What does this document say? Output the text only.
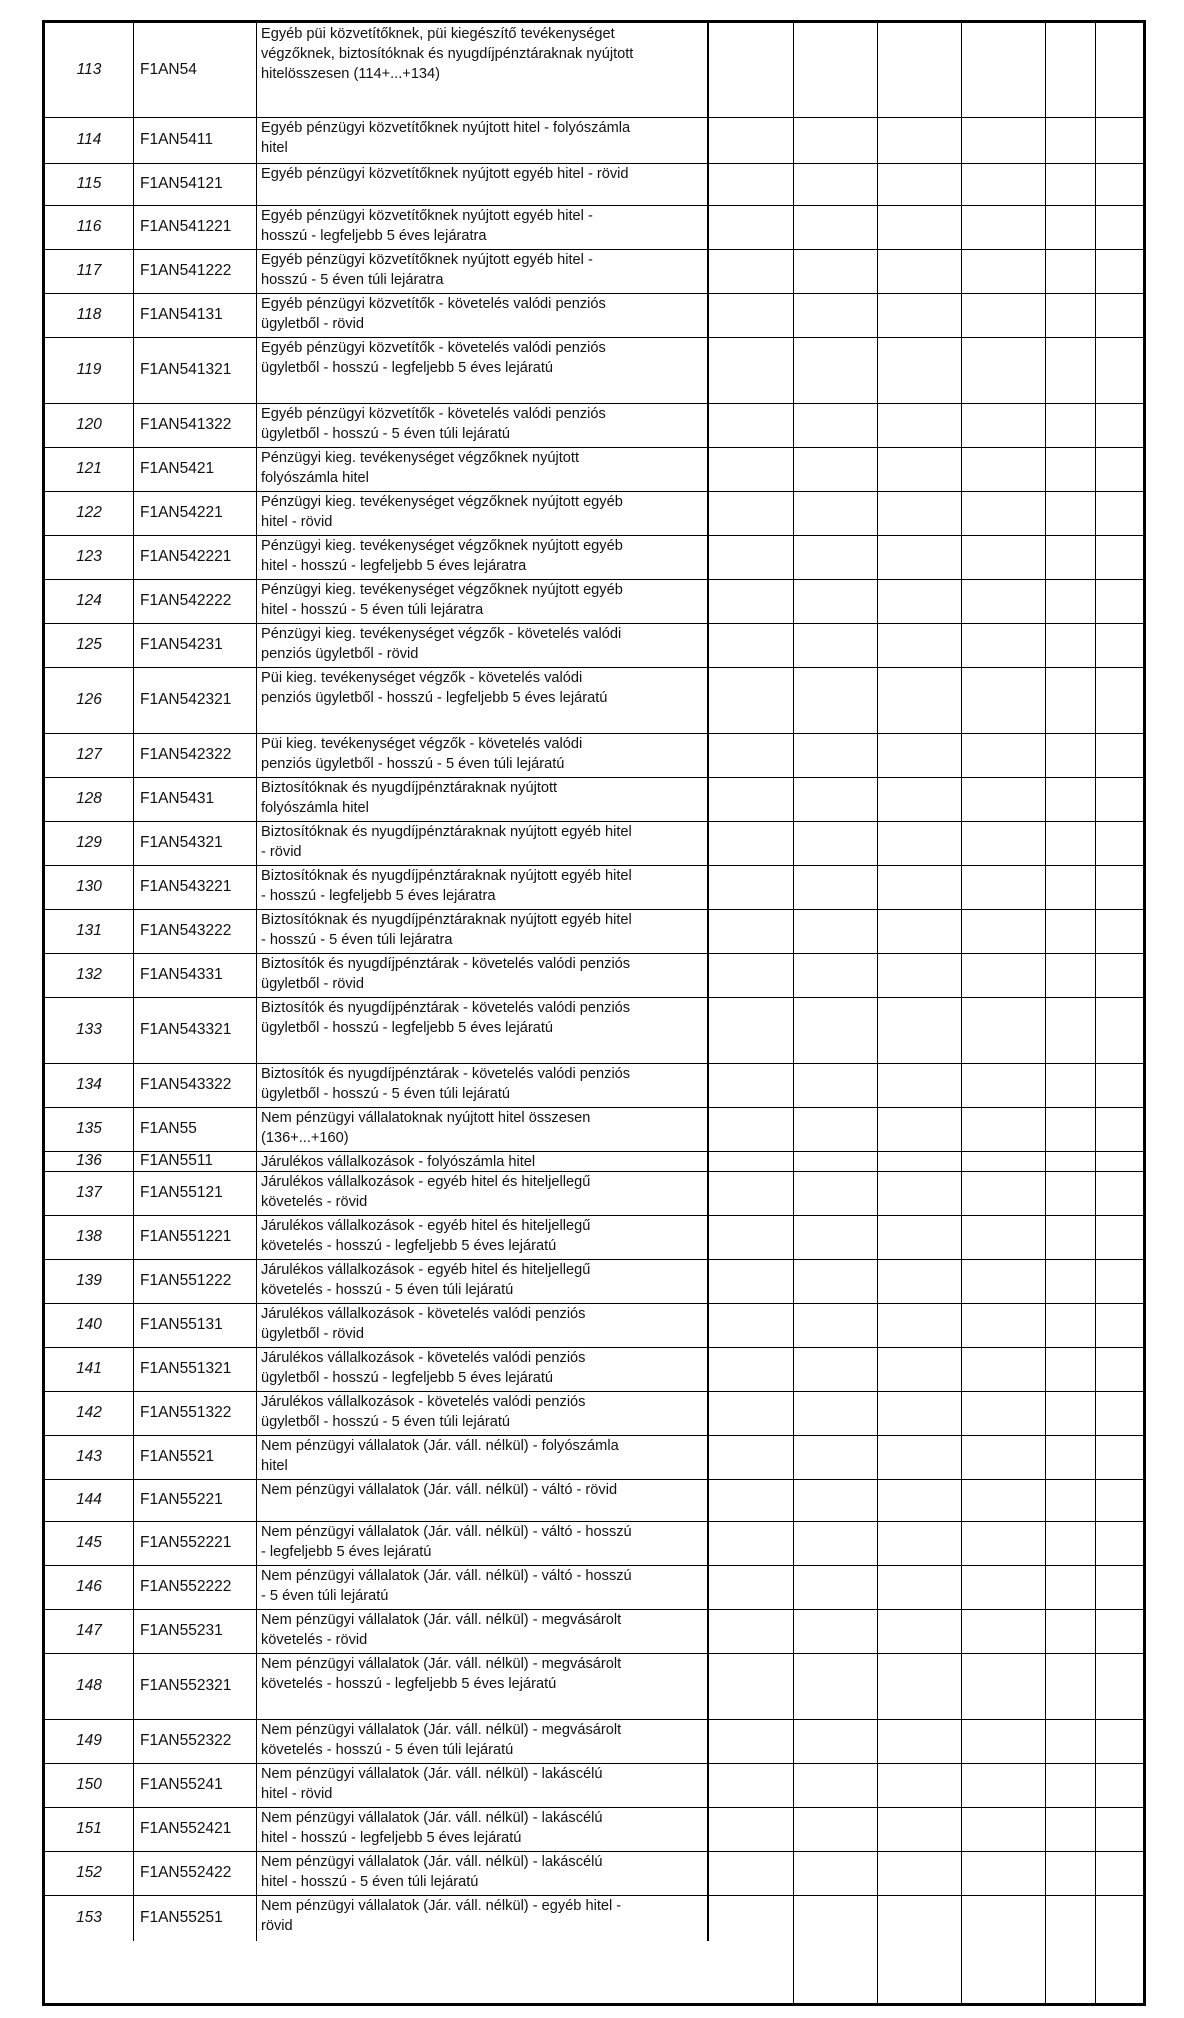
113	F1AN54
Egyéb püi közvetítőknek, püi kiegészítő tevékenységet
végzőknek, biztosítóknak és nyugdíjpénztáraknak nyújtott
hitelösszesen (114+...+134)
114	F1AN5411
Egyéb pénzügyi közvetítőknek nyújtott hitel - folyószámla
hitel
115	F1AN54121
Egyéb pénzügyi közvetítőknek nyújtott egyéb hitel - rövid
116	F1AN541221
Egyéb pénzügyi közvetítőknek nyújtott egyéb hitel -
hosszú - legfeljebb 5 éves lejáratra
117	F1AN541222
Egyéb pénzügyi közvetítőknek nyújtott egyéb hitel -
hosszú - 5 éven túli lejáratra
118	F1AN54131
Egyéb pénzügyi közvetítők - követelés valódi penziós
ügyletből - rövid
119	F1AN541321
Egyéb pénzügyi közvetítők - követelés valódi penziós
ügyletből - hosszú - legfeljebb 5 éves lejáratú
120	F1AN541322
Egyéb pénzügyi közvetítők - követelés valódi penziós
ügyletből - hosszú - 5 éven túli lejáratú
121	F1AN5421
Pénzügyi kieg. tevékenységet végzőknek nyújtott
folyószámla hitel
122	F1AN54221
Pénzügyi kieg. tevékenységet végzőknek nyújtott egyéb
hitel - rövid
123	F1AN542221
Pénzügyi kieg. tevékenységet végzőknek nyújtott egyéb
hitel - hosszú - legfeljebb 5 éves lejáratra
124	F1AN542222
Pénzügyi kieg. tevékenységet végzőknek nyújtott egyéb
hitel - hosszú - 5 éven túli lejáratra
125	F1AN54231
Pénzügyi kieg. tevékenységet végzők - követelés valódi
penziós ügyletből - rövid
126	F1AN542321
Püi kieg. tevékenységet végzők - követelés valódi
penziós ügyletből - hosszú - legfeljebb 5 éves lejáratú
127	F1AN542322
Püi kieg. tevékenységet végzők - követelés valódi
penziós ügyletből - hosszú - 5 éven túli lejáratú
128	F1AN5431
Biztosítóknak és nyugdíjpénztáraknak nyújtott
folyószámla hitel
129	F1AN54321
Biztosítóknak és nyugdíjpénztáraknak nyújtott egyéb hitel
- rövid
130	F1AN543221
Biztosítóknak és nyugdíjpénztáraknak nyújtott egyéb hitel
- hosszú - legfeljebb 5 éves lejáratra
131	F1AN543222
Biztosítóknak és nyugdíjpénztáraknak nyújtott egyéb hitel
- hosszú - 5 éven túli lejáratra
132	F1AN54331
Biztosítók és nyugdíjpénztárak - követelés valódi penziós
ügyletből - rövid
133	F1AN543321
Biztosítók és nyugdíjpénztárak - követelés valódi penziós
ügyletből - hosszú - legfeljebb 5 éves lejáratú
134	F1AN543322
Biztosítók és nyugdíjpénztárak - követelés valódi penziós
ügyletből - hosszú - 5 éven túli lejáratú
135	F1AN55
Nem pénzügyi vállalatoknak nyújtott hitel összesen
(136+...+160)
136	F1AN5511	Járulékos vállalkozások - folyószámla hitel
137	F1AN55121
Járulékos vállalkozások - egyéb hitel és hiteljellegű
követelés - rövid
138	F1AN551221
Járulékos vállalkozások - egyéb hitel és hiteljellegű
követelés - hosszú - legfeljebb 5 éves lejáratú
139	F1AN551222
Járulékos vállalkozások - egyéb hitel és hiteljellegű
követelés - hosszú - 5 éven túli lejáratú
140	F1AN55131
Járulékos vállalkozások - követelés valódi penziós
ügyletből - rövid
141	F1AN551321
Járulékos vállalkozások - követelés valódi penziós
ügyletből - hosszú - legfeljebb 5 éves lejáratú
142	F1AN551322
Járulékos vállalkozások - követelés valódi penziós
ügyletből - hosszú - 5 éven túli lejáratú
143	F1AN5521
Nem pénzügyi vállalatok (Jár. váll. nélkül) - folyószámla
hitel
144	F1AN55221
Nem pénzügyi vállalatok (Jár. váll. nélkül) - váltó - rövid
145	F1AN552221
Nem pénzügyi vállalatok (Jár. váll. nélkül) - váltó - hosszú
- legfeljebb 5 éves lejáratú
146	F1AN552222
Nem pénzügyi vállalatok (Jár. váll. nélkül) - váltó - hosszú
- 5 éven túli lejáratú
147	F1AN55231
Nem pénzügyi vállalatok (Jár. váll. nélkül) - megvásárolt
követelés - rövid
148	F1AN552321
Nem pénzügyi vállalatok (Jár. váll. nélkül) - megvásárolt
követelés - hosszú - legfeljebb 5 éves lejáratú
149	F1AN552322
Nem pénzügyi vállalatok (Jár. váll. nélkül) - megvásárolt
követelés - hosszú - 5 éven túli lejáratú
150	F1AN55241
Nem pénzügyi vállalatok (Jár. váll. nélkül) - lakáscélú
hitel - rövid
151	F1AN552421
Nem pénzügyi vállalatok (Jár. váll. nélkül) - lakáscélú
hitel - hosszú - legfeljebb 5 éves lejáratú
152	F1AN552422
Nem pénzügyi vállalatok (Jár. váll. nélkül) - lakáscélú
hitel - hosszú - 5 éven túli lejáratú
153	F1AN55251
Nem pénzügyi vállalatok (Jár. váll. nélkül) - egyéb hitel -
rövid
